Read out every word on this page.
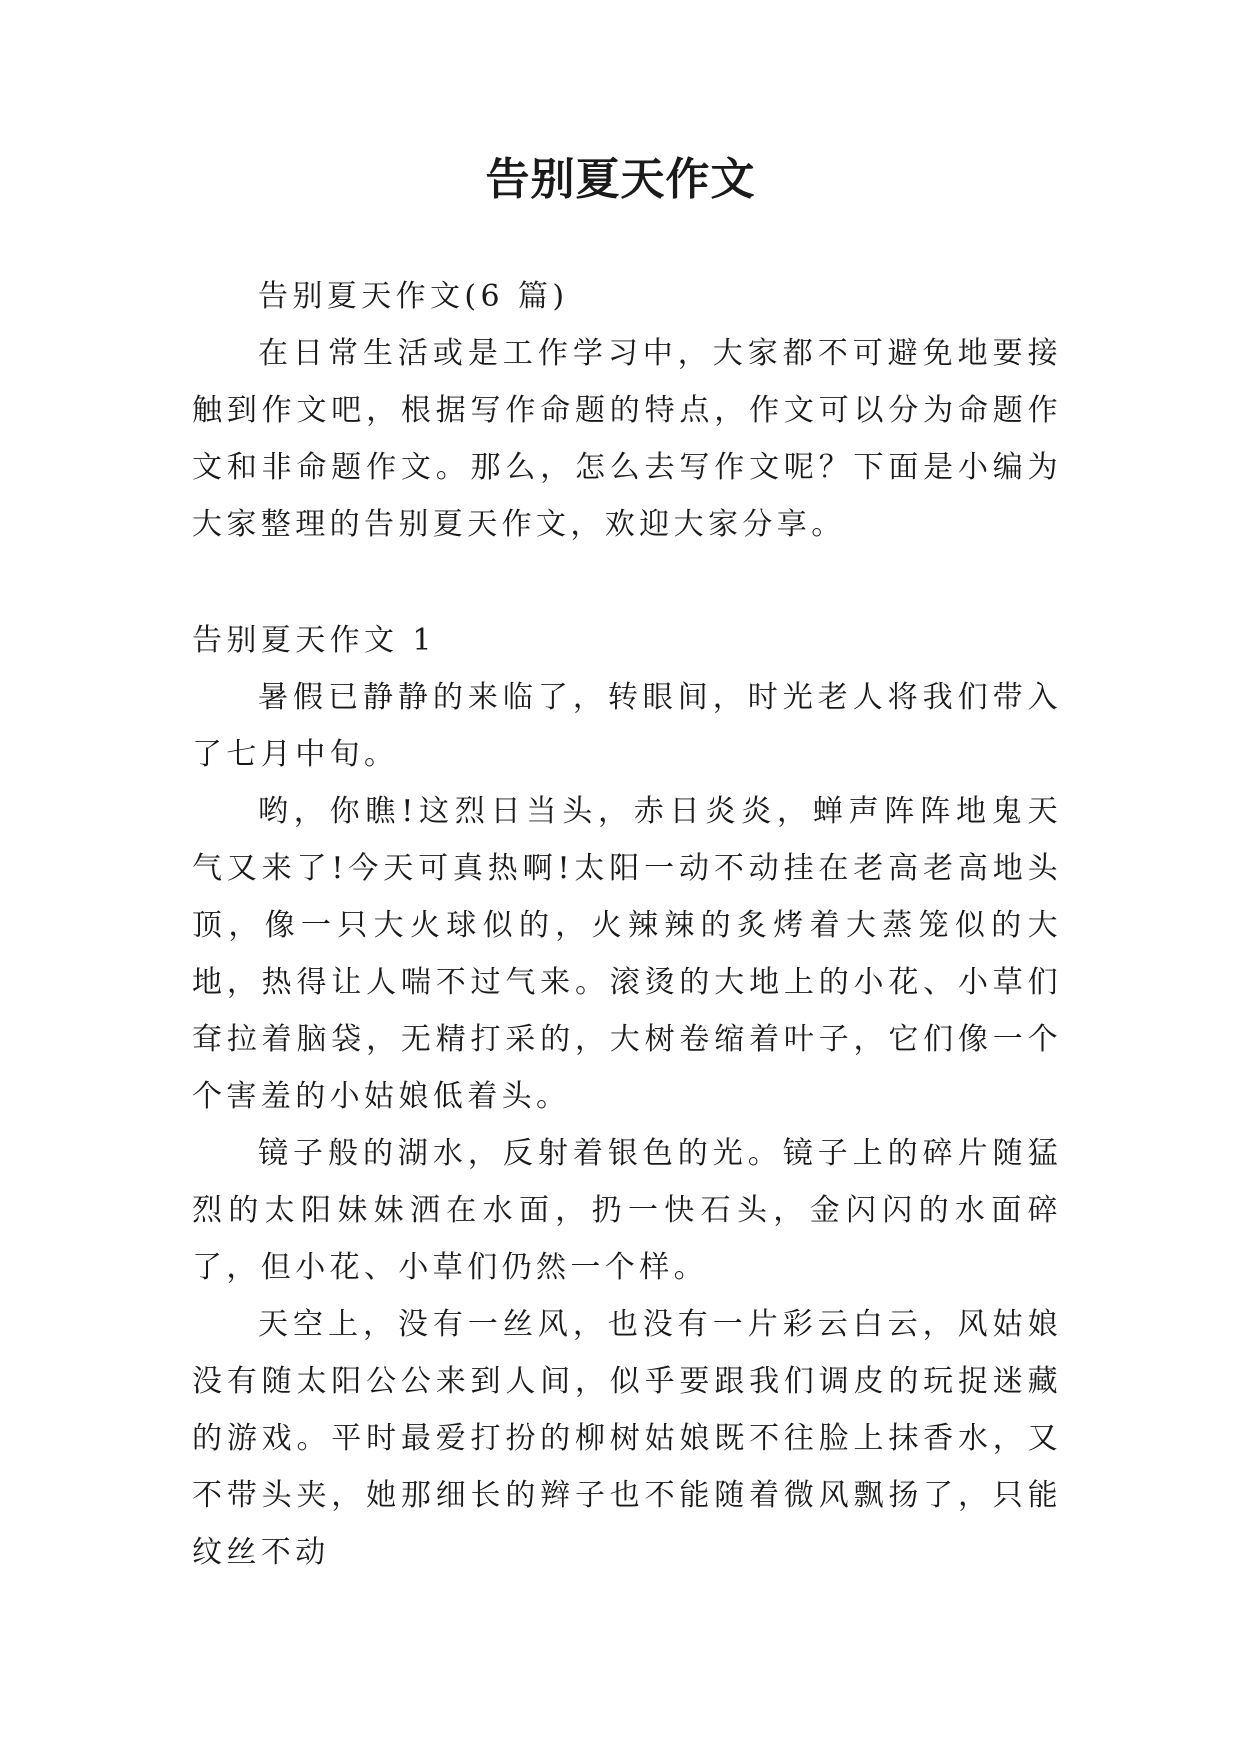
告别夏天作文

告别夏天作文(6 篇)

在日常生活或是工作学习中，大家都不可避免地要接触到作文吧，根据写作命题的特点，作文可以分为命题作文和非命题作文。那么，怎么去写作文呢？下面是小编为大家整理的告别夏天作文，欢迎大家分享。

告别夏天作文 1

暑假已静静的来临了，转眼间，时光老人将我们带入了七月中旬。

哟，你瞧!这烈日当头，赤日炎炎，蝉声阵阵地鬼天气又来了!今天可真热啊!太阳一动不动挂在老高老高地头顶，像一只大火球似的，火辣辣的炙烤着大蒸笼似的大地，热得让人喘不过气来。滚烫的大地上的小花、小草们耷拉着脑袋，无精打采的，大树卷缩着叶子，它们像一个个害羞的小姑娘低着头。

镜子般的湖水，反射着银色的光。镜子上的碎片随猛烈的太阳妹妹洒在水面，扔一快石头，金闪闪的水面碎了，但小花、小草们仍然一个样。

天空上，没有一丝风，也没有一片彩云白云，风姑娘没有随太阳公公来到人间，似乎要跟我们调皮的玩捉迷藏的游戏。平时最爱打扮的柳树姑娘既不往脸上抹香水，又不带头夹，她那细长的辫子也不能随着微风飘扬了，只能纹丝不动
